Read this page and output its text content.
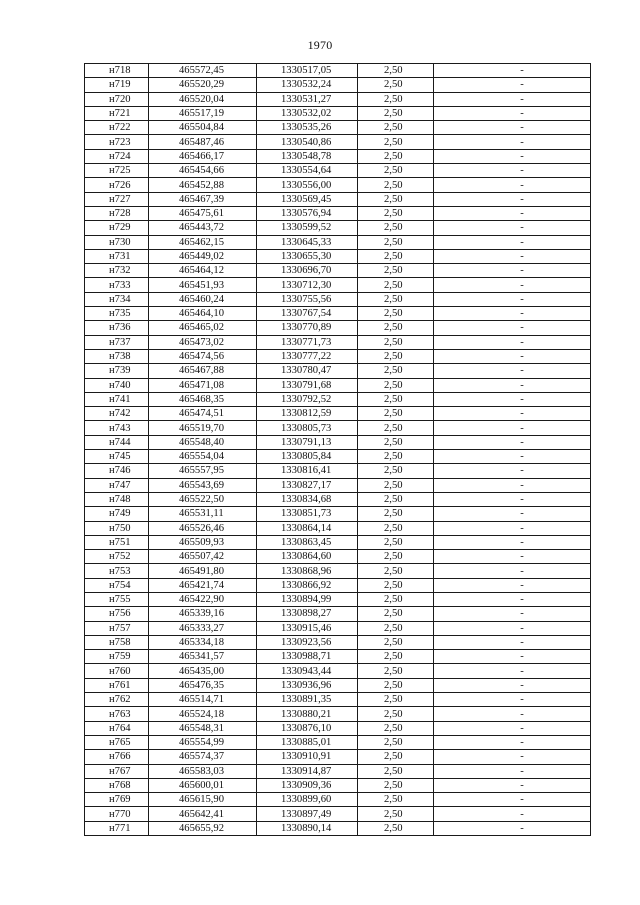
1970
н718	465572,45	1330517,05	2,50	-
н719	465520,29	1330532,24	2,50	-
н720	465520,04	1330531,27	2,50	-
н721	465517,19	1330532,02	2,50	-
н722	465504,84	1330535,26	2,50	-
н723	465487,46	1330540,86	2,50	-
н724	465466,17	1330548,78	2,50	-
н725	465454,66	1330554,64	2,50	-
н726	465452,88	1330556,00	2,50	-
н727	465467,39	1330569,45	2,50	-
н728	465475,61	1330576,94	2,50	-
н729	465443,72	1330599,52	2,50	-
н730	465462,15	1330645,33	2,50	-
н731	465449,02	1330655,30	2,50	-
н732	465464,12	1330696,70	2,50	-
н733	465451,93	1330712,30	2,50	-
н734	465460,24	1330755,56	2,50	-
н735	465464,10	1330767,54	2,50	-
н736	465465,02	1330770,89	2,50	-
н737	465473,02	1330771,73	2,50	-
н738	465474,56	1330777,22	2,50	-
н739	465467,88	1330780,47	2,50	-
н740	465471,08	1330791,68	2,50	-
н741	465468,35	1330792,52	2,50	-
н742	465474,51	1330812,59	2,50	-
н743	465519,70	1330805,73	2,50	-
н744	465548,40	1330791,13	2,50	-
н745	465554,04	1330805,84	2,50	-
н746	465557,95	1330816,41	2,50	-
н747	465543,69	1330827,17	2,50	-
н748	465522,50	1330834,68	2,50	-
н749	465531,11	1330851,73	2,50	-
н750	465526,46	1330864,14	2,50	-
н751	465509,93	1330863,45	2,50	-
н752	465507,42	1330864,60	2,50	-
н753	465491,80	1330868,96	2,50	-
н754	465421,74	1330866,92	2,50	-
н755	465422,90	1330894,99	2,50	-
н756	465339,16	1330898,27	2,50	-
н757	465333,27	1330915,46	2,50	-
н758	465334,18	1330923,56	2,50	-
н759	465341,57	1330988,71	2,50	-
н760	465435,00	1330943,44	2,50	-
н761	465476,35	1330936,96	2,50	-
н762	465514,71	1330891,35	2,50	-
н763	465524,18	1330880,21	2,50	-
н764	465548,31	1330876,10	2,50	-
н765	465554,99	1330885,01	2,50	-
н766	465574,37	1330910,91	2,50	-
н767	465583,03	1330914,87	2,50	-
н768	465600,01	1330909,36	2,50	-
н769	465615,90	1330899,60	2,50	-
н770	465642,41	1330897,49	2,50	-
н771	465655,92	1330890,14	2,50	-
